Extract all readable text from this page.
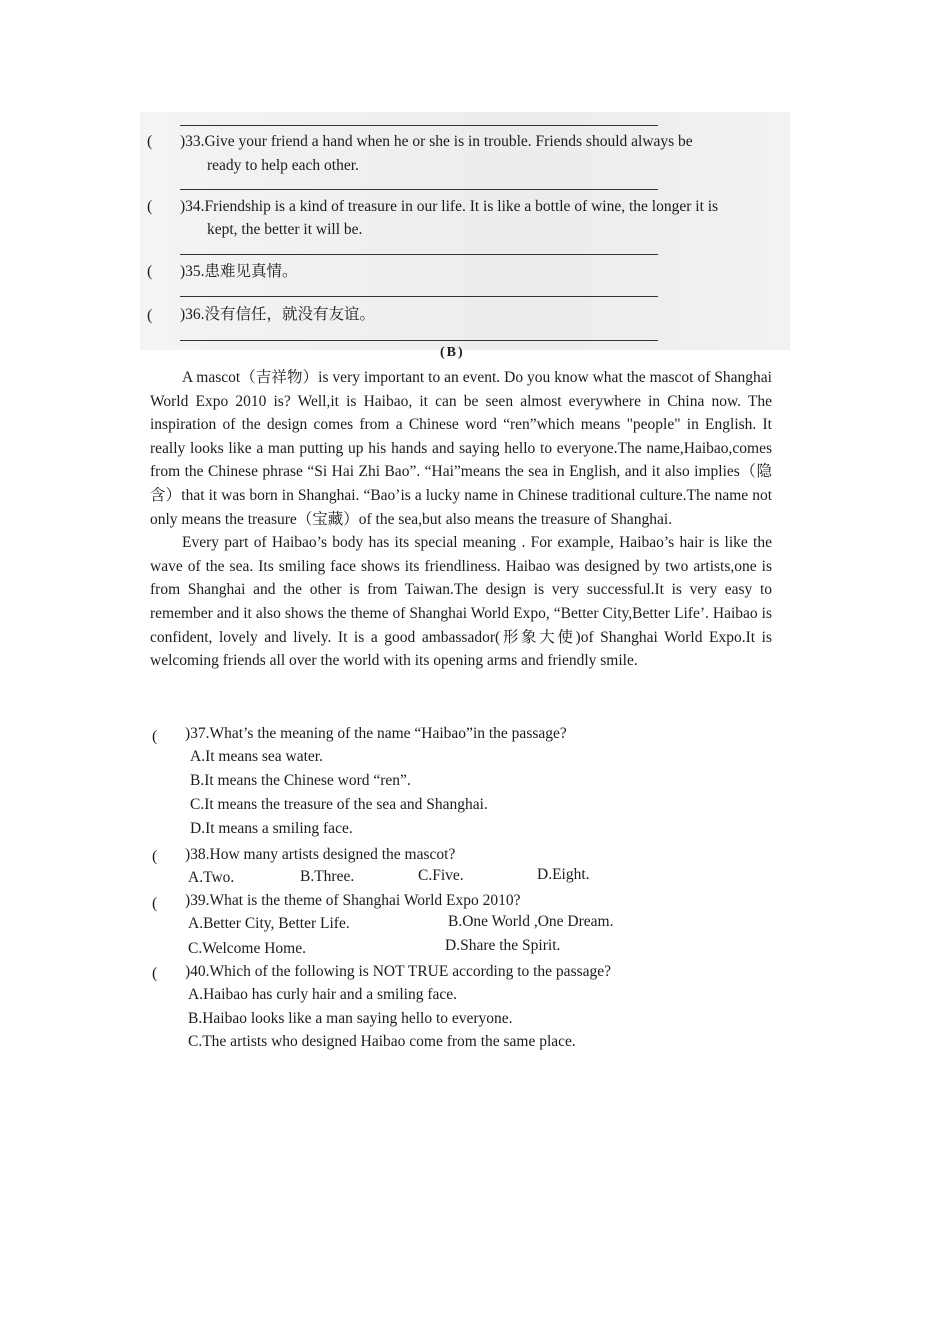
( )33.Give your friend a hand when he or she is in trouble. Friends should always be
ready to help each other.
( )34.Friendship is a kind of treasure in our life. It is like a bottle of wine, the longer it is
kept, the better it will be.
( )35.患难见真情。
( )36.没有信任，就没有友谊。
(B)

A mascot（吉祥物）is very important to an event. Do you know what the mascot of Shanghai World Expo 2010 is? Well,it is Haibao, it can be seen almost everywhere in China now. The inspiration of the design comes from a Chinese word “ren”which means "people" in English. It really looks like a man putting up his hands and saying hello to everyone.The name,Haibao,comes from the Chinese phrase “Si Hai Zhi Bao”. “Hai”means the sea in English, and it also implies（隐含）that it was born in Shanghai. “Bao’is a lucky name in Chinese traditional culture.The name not only means the treasure（宝藏）of the sea,but also means the treasure of Shanghai.

Every part of Haibao’s body has its special meaning . For example, Haibao’s hair is like the wave of the sea. Its smiling face shows its friendliness. Haibao was designed by two artists,one is from Shanghai and the other is from Taiwan.The design is very successful.It is very easy to remember and it also shows the theme of Shanghai World Expo, “Better City,Better Life’. Haibao is confident, lovely and lively. It is a good ambassador(形象大使)of Shanghai World Expo.It is welcoming friends all over the world with its opening arms and friendly smile.

( )37.What’s the meaning of the name “Haibao”in the passage?
A.It means sea water.
B.It means the Chinese word “ren”.
C.It means the treasure of the sea and Shanghai.
D.It means a smiling face.
( )38.How many artists designed the mascot?
A.Two.	B.Three.	C.Five.	D.Eight.
( )39.What is the theme of Shanghai World Expo 2010?
A.Better City, Better Life.	B.One World ,One Dream.
C.Welcome Home.	D.Share the Spirit.
( )40.Which of the following is NOT TRUE according to the passage?
A.Haibao has curly hair and a smiling face.
B.Haibao looks like a man saying hello to everyone.
C.The artists who designed Haibao come from the same place.
